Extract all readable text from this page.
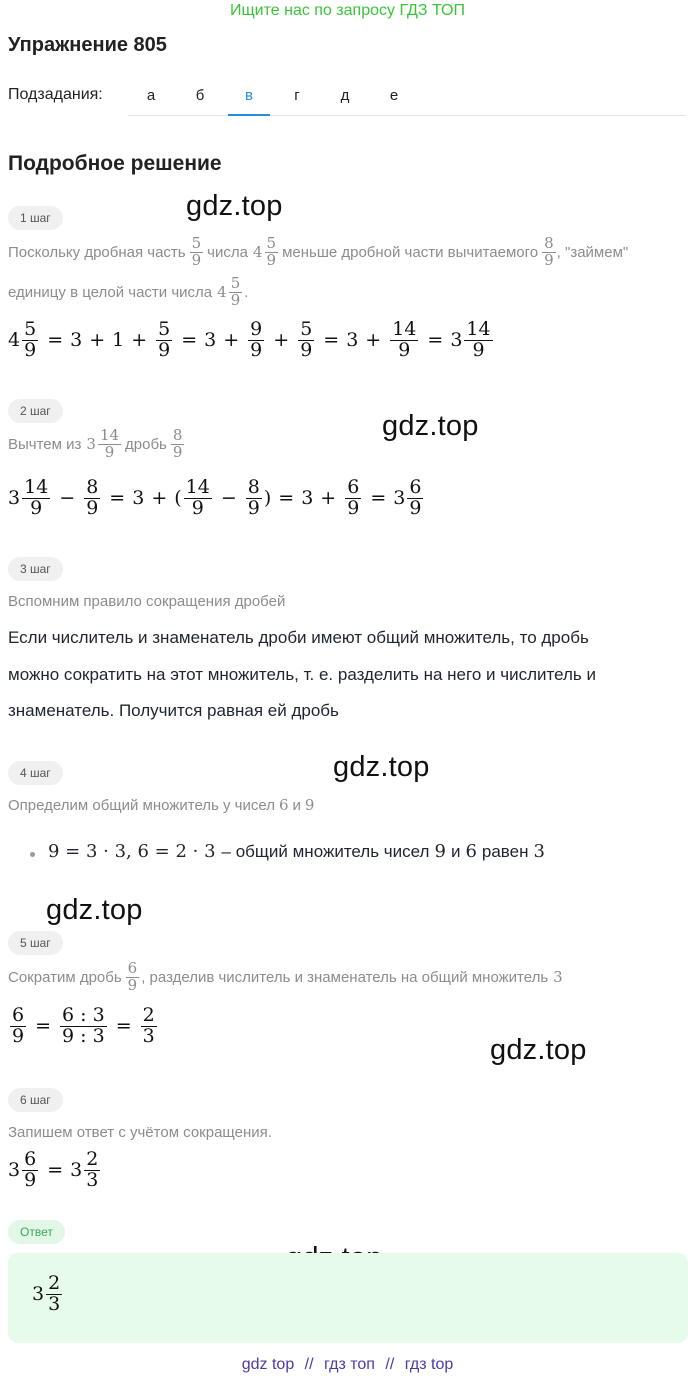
Ищите нас по запросу ГДЗ ТОП
Упражнение 805
Подзадания:	а	б	в	г	д	е
Подробное решение
gdz.top
gdz.top
gdz.top
gdz.top
gdz.top
1 шаг
Поскольку дробная часть $\frac{5}{9}$ числа $4 \frac{5}{9}$ меньше дробной части вычитаемого $\frac{8}{9}$ , "займем"
единицу в целой части числа $4 \frac{5}{9}$ .
$4 \frac{5}{9} = 3 + 1 + \frac{5}{9} = 3 + \frac{9}{9} + \frac{5}{9} = 3 + \frac{14}{9} = 3 \frac{14}{9}$
2 шаг
Вычтем из $3 \frac{14}{9}$ дробь $\frac{8}{9}$
$3 \frac{14}{9} - \frac{8}{9} = 3$ + ( $\frac{14}{9} - \frac{8}{9}$ ) = $3 + \frac{6}{9} = 3 \frac{6}{9}$
3 шаг
Вспомним правило сокращения дробей
Если числитель и знаменатель дроби имеют общий множитель, то дробь
можно сократить на этот множитель, т. е. разделить на него и числитель и
знаменатель. Получится равная ей дробь
4 шаг
Определим общий множитель у чисел 6 и 9
9 = 3 · 3, 6 = 2 · 3 – общий множитель чисел 9 и 6 равен 3
5 шаг
Сократим дробь $\frac{6}{9}$ , разделив числитель и знаменатель на общий множитель 3
$\frac{6}{9} = \frac{6 : 3}{9 : 3} = \frac{2}{3}$
6 шаг
Запишем ответ с учётом сокращения.
$3 \frac{6}{9} = 3 \frac{2}{3}$
Ответ
$3 \frac{2}{3}$
gdz top // гдз топ // гдз top
